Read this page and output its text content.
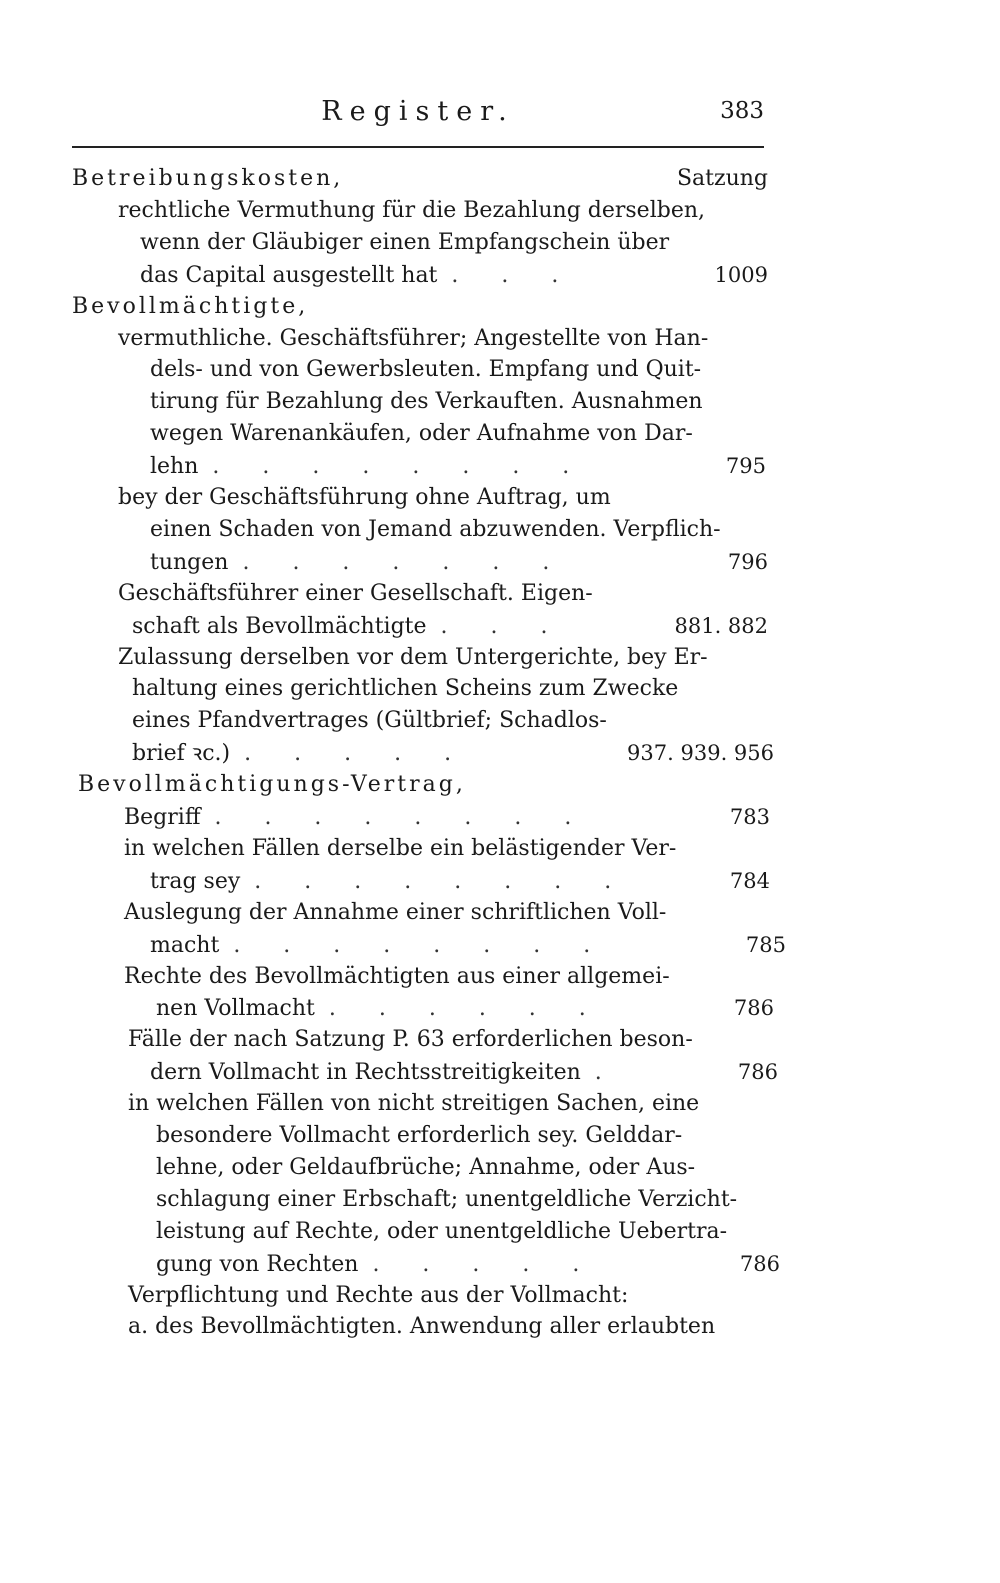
Register.	383
Betreibungskosten,	Satzung
rechtliche Vermuthung für die Bezahlung derselben,
wenn der Gläubiger einen Empfangschein über
das Capital ausgestellt hat . . .	1009
Bevollmächtigte,
vermuthliche. Geschäftsführer; Angestellte von Han-
dels- und von Gewerbsleuten. Empfang und Quit-
tirung für Bezahlung des Verkauften. Ausnahmen
wegen Warenankäufen, oder Aufnahme von Dar-
lehn . . . . . . . .	795
bey der Geschäftsführung ohne Auftrag, um
einen Schaden von Jemand abzuwenden. Verpflich-
tungen . . . . . . .	796
Geschäftsführer einer Gesellschaft. Eigen-
schaft als Bevollmächtigte . . .	881. 882
Zulassung derselben vor dem Untergerichte, bey Er-
haltung eines gerichtlichen Scheins zum Zwecke
eines Pfandvertrages (Gültbrief; Schadlos-
brief ꝛc.) . . . . .	937. 939. 956
Bevollmächtigungs-Vertrag,
Begriff . . . . . . . .	783
in welchen Fällen derselbe ein belästigender Ver-
trag sey . . . . . . . .	784
Auslegung der Annahme einer schriftlichen Voll-
macht . . . . . . . .	785
Rechte des Bevollmächtigten aus einer allgemei-
nen Vollmacht . . . . . .	786
Fälle der nach Satzung P. 63 erforderlichen beson-
dern Vollmacht in Rechtsstreitigkeiten .	786
in welchen Fällen von nicht streitigen Sachen, eine
besondere Vollmacht erforderlich sey. Gelddar-
lehne, oder Geldaufbrüche; Annahme, oder Aus-
schlagung einer Erbschaft; unentgeldliche Verzicht-
leistung auf Rechte, oder unentgeldliche Uebertra-
gung von Rechten . . . . .	786
Verpflichtung und Rechte aus der Vollmacht:
a. des Bevollmächtigten. Anwendung aller erlaubten
